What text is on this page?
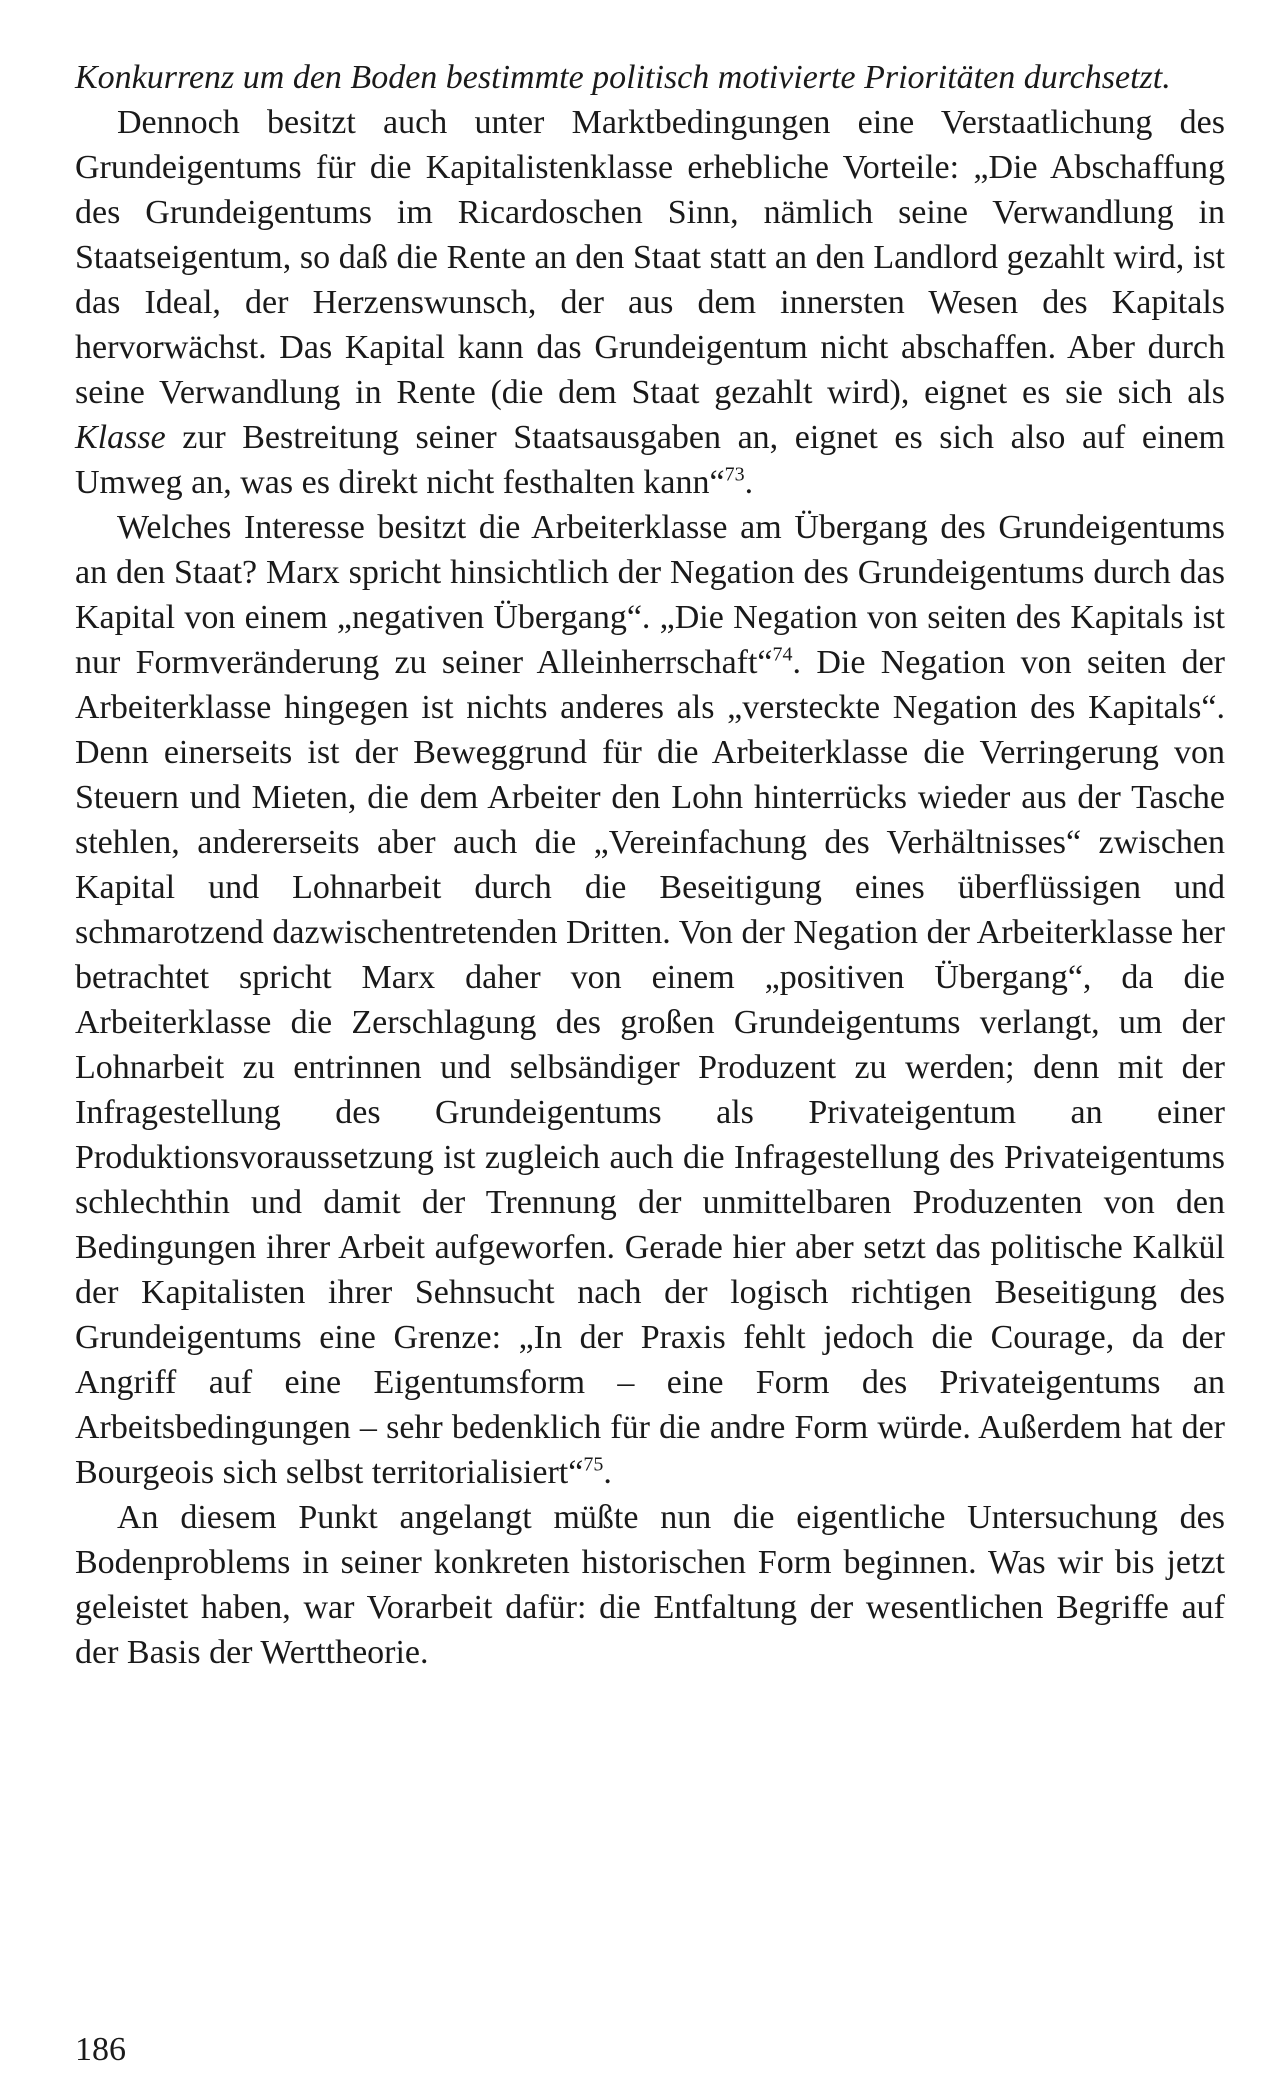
Konkurrenz um den Boden bestimmte politisch motivierte Prioritäten durchsetzt.

Dennoch besitzt auch unter Marktbedingungen eine Verstaatlichung des Grundeigentums für die Kapitalistenklasse erhebliche Vorteile: „Die Abschaffung des Grundeigentums im Ricardoschen Sinn, nämlich seine Verwandlung in Staatseigentum, so daß die Rente an den Staat statt an den Landlord gezahlt wird, ist das Ideal, der Herzenswunsch, der aus dem innersten Wesen des Kapitals hervorwächst. Das Kapital kann das Grundeigentum nicht abschaffen. Aber durch seine Verwandlung in Rente (die dem Staat gezahlt wird), eignet es sie sich als Klasse zur Bestreitung seiner Staatsausgaben an, eignet es sich also auf einem Umweg an, was es direkt nicht festhalten kann“$^{73}$.

Welches Interesse besitzt die Arbeiterklasse am Übergang des Grundeigentums an den Staat? Marx spricht hinsichtlich der Negation des Grundeigentums durch das Kapital von einem „negativen Übergang“. „Die Negation von seiten des Kapitals ist nur Formveränderung zu seiner Alleinherrschaft“$^{74}$. Die Negation von seiten der Arbeiterklasse hingegen ist nichts anderes als „versteckte Negation des Kapitals“. Denn einerseits ist der Beweggrund für die Arbeiterklasse die Verringerung von Steuern und Mieten, die dem Arbeiter den Lohn hinterrücks wieder aus der Tasche stehlen, andererseits aber auch die „Vereinfachung des Verhältnisses“ zwischen Kapital und Lohnarbeit durch die Beseitigung eines überflüssigen und schmarotzend dazwischentretenden Dritten. Von der Negation der Arbeiterklasse her betrachtet spricht Marx daher von einem „positiven Übergang“, da die Arbeiterklasse die Zerschlagung des großen Grundeigentums verlangt, um der Lohnarbeit zu entrinnen und selbsändiger Produzent zu werden; denn mit der Infragestellung des Grundeigentums als Privateigentum an einer Produktionsvoraussetzung ist zugleich auch die Infragestellung des Privateigentums schlechthin und damit der Trennung der unmittelbaren Produzenten von den Bedingungen ihrer Arbeit aufgeworfen. Gerade hier aber setzt das politische Kalkül der Kapitalisten ihrer Sehnsucht nach der logisch richtigen Beseitigung des Grundeigentums eine Grenze: „In der Praxis fehlt jedoch die Courage, da der Angriff auf eine Eigentumsform – eine Form des Privateigentums an Arbeitsbedingungen – sehr bedenklich für die andre Form würde. Außerdem hat der Bourgeois sich selbst territorialisiert“$^{75}$.

An diesem Punkt angelangt müßte nun die eigentliche Untersuchung des Bodenproblems in seiner konkreten historischen Form beginnen. Was wir bis jetzt geleistet haben, war Vorarbeit dafür: die Entfaltung der wesentlichen Begriffe auf der Basis der Werttheorie.

186
